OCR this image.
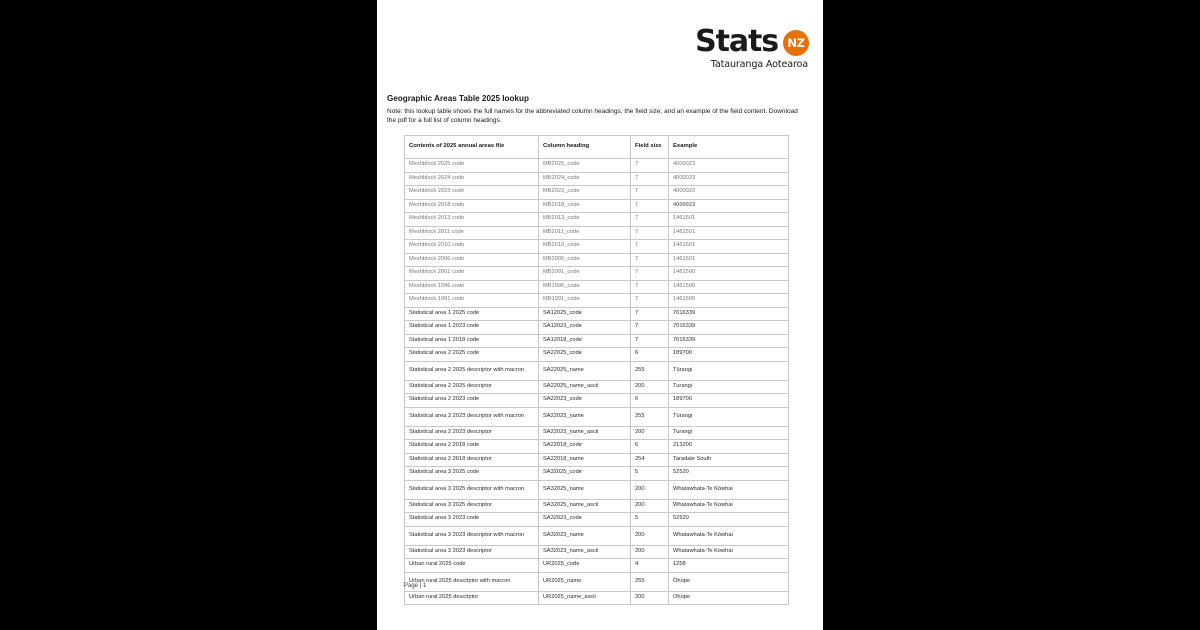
Stats NZ
Tatauranga Aotearoa
Geographic Areas Table 2025 lookup
Note: this lookup table shows the full names for the abbreviated column headings, the field size, and an example of the field content. Download the pdf for a full list of column headings.
Contents of 2025 annual areas file	Column heading	Field size	Example
Meshblock 2025 code	MB2025_code	7	4000023
Meshblock 2024 code	MB2024_code	7	4000023
Meshblock 2023 code	MB2023_code	7	4000023
Meshblock 2018 code	MB2018_code	7	4000023
Meshblock 2013 code	MB2013_code	7	1461501
Meshblock 2011 code	MB2011_code	7	1461501
Meshblock 2010 code	MB2010_code	7	1461501
Meshblock 2006 code	MB2006_code	7	1461501
Meshblock 2001 code	MB2001_code	7	1461500
Meshblock 1996 code	MB1996_code	7	1461500
Meshblock 1991 code	MB1991_code	7	1461500
Statistical area 1 2025 code	SA12025_code	7	7016339
Statistical area 1 2023 code	SA12023_code	7	7016339
Statistical area 1 2018 code	SA12018_code	7	7016339
Statistical area 2 2025 code	SA22025_code	6	189700
Statistical area 2 2025 descriptor with macron	SA22025_name	255	Tūrangi
Statistical area 2 2025 descriptor	SA22025_name_ascii	200	Turangi
Statistical area 2 2023 code	SA22023_code	6	189700
Statistical area 2 2023 descriptor with macron	SA22023_name	255	Tūrangi
Statistical area 2 2023 descriptor	SA22023_name_ascii	200	Turangi
Statistical area 2 2018 code	SA22018_code	6	213200
Statistical area 2 2018 descriptor	SA22018_name	254	Taradale South
Statistical area 3 2025 code	SA32025_code	5	52520
Statistical area 3 2025 descriptor with macron	SA32025_name	200	Whatawhata-Te Kōwhai
Statistical area 3 2025 descriptor	SA32025_name_ascii	200	Whatawhata-Te Kowhai
Statistical area 3 2023 code	SA32023_code	5	52520
Statistical area 3 2023 descriptor with macron	SA32023_name	200	Whatawhata-Te Kōwhai
Statistical area 3 2023 descriptor	SA32023_name_ascii	200	Whatawhata-Te Kowhai
Urban rural 2025 code	UR2025_code	4	1258
Urban rural 2025 descriptor with macron	UR2025_name	255	Ōhope
Urban rural 2025 descriptor	UR2025_name_ascii	200	Ohope
Page | 1
